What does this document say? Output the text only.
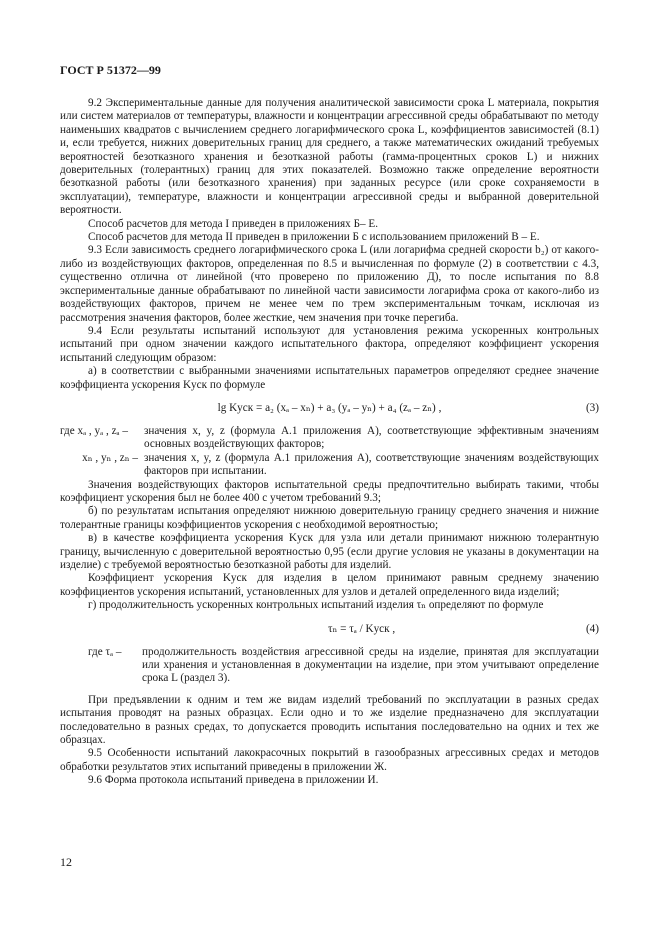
ГОСТ Р 51372—99

9.2 Экспериментальные данные для получения аналитической зависимости срока L материала, покрытия или систем материалов от температуры, влажности и концентрации агрессивной среды обрабатывают по методу наименьших квадратов с вычислением среднего логарифмического срока L, коэффициентов зависимостей (8.1) и, если требуется, нижних доверительных границ для среднего, а также математических ожиданий требуемых вероятностей безотказного хранения и безотказной работы (гамма-процентных сроков L) и нижних доверительных (толерантных) границ для этих показателей. Возможно также определение вероятности безотказной работы (или безотказного хранения) при заданных ресурсе (или сроке сохраняемости в эксплуатации), температуре, влажности и концентрации агрессивной среды и выбранной доверительной вероятности.

Способ расчетов для метода I приведен в приложениях Б– Е.

Способ расчетов для метода II приведен в приложении Б с использованием приложений В – Е.

9.3 Если зависимость среднего логарифмического срока L (или логарифма средней скорости b₂) от какого-либо из воздействующих факторов, определенная по 8.5 и вычисленная по формуле (2) в соответствии с 4.3, существенно отлична от линейной (что проверено по приложению Д), то после испытания по 8.8 экспериментальные данные обрабатывают по линейной части зависимости логарифма срока от какого-либо из воздействующих факторов, причем не менее чем по трем экспериментальным точкам, исключая из рассмотрения значения факторов, более жесткие, чем значения при точке перегиба.

9.4 Если результаты испытаний используют для установления режима ускоренных контрольных испытаний при одном значении каждого испытательного фактора, определяют коэффициент ускорения испытаний следующим образом:

а) в соответствии с выбранными значениями испытательных параметров определяют среднее значение коэффициента ускорения Kуск по формуле

lg Kуск = a₂ (xₐ – xₙ) + a₃ (yₐ – yₙ) + a₄ (zₐ – zₙ) ,	(3)
где xₐ , yₐ , zₐ –	значения x, y, z (формула А.1 приложения А), соответствующие эффективным значениям основных воздействующих факторов;
xₙ , yₙ , zₙ – значения x, y, z (формула А.1 приложения А), соответствующие значениям воздействующих факторов при испытании.

Значения воздействующих факторов испытательной среды предпочтительно выбирать такими, чтобы коэффициент ускорения был не более 400 с учетом требований 9.3;

б) по результатам испытания определяют нижнюю доверительную границу среднего значения и нижние толерантные границы коэффициентов ускорения с необходимой вероятностью;

в) в качестве коэффициента ускорения Kуск для узла или детали принимают нижнюю толерантную границу, вычисленную с доверительной вероятностью 0,95 (если другие условия не указаны в документации на изделие) с требуемой вероятностью безотказной работы для изделий.

Коэффициент ускорения Kуск для изделия в целом принимают равным среднему значению коэффициентов ускорения испытаний, установленных для узлов и деталей определенного вида изделий;

г) продолжительность ускоренных контрольных испытаний изделия τₙ определяют по формуле

τₙ = τₐ / Kуск ,	(4)
где τₐ –	продолжительность воздействия агрессивной среды на изделие, принятая для эксплуатации или хранения и установленная в документации на изделие, при этом учитывают определение срока L (раздел 3).

При предъявлении к одним и тем же видам изделий требований по эксплуатации в разных средах испытания проводят на разных образцах. Если одно и то же изделие предназначено для эксплуатации последовательно в разных средах, то допускается проводить испытания последовательно на одних и тех же образцах.

9.5 Особенности испытаний лакокрасочных покрытий в газообразных агрессивных средах и методов обработки результатов этих испытаний приведены в приложении Ж.

9.6 Форма протокола испытаний приведена в приложении И.

12
